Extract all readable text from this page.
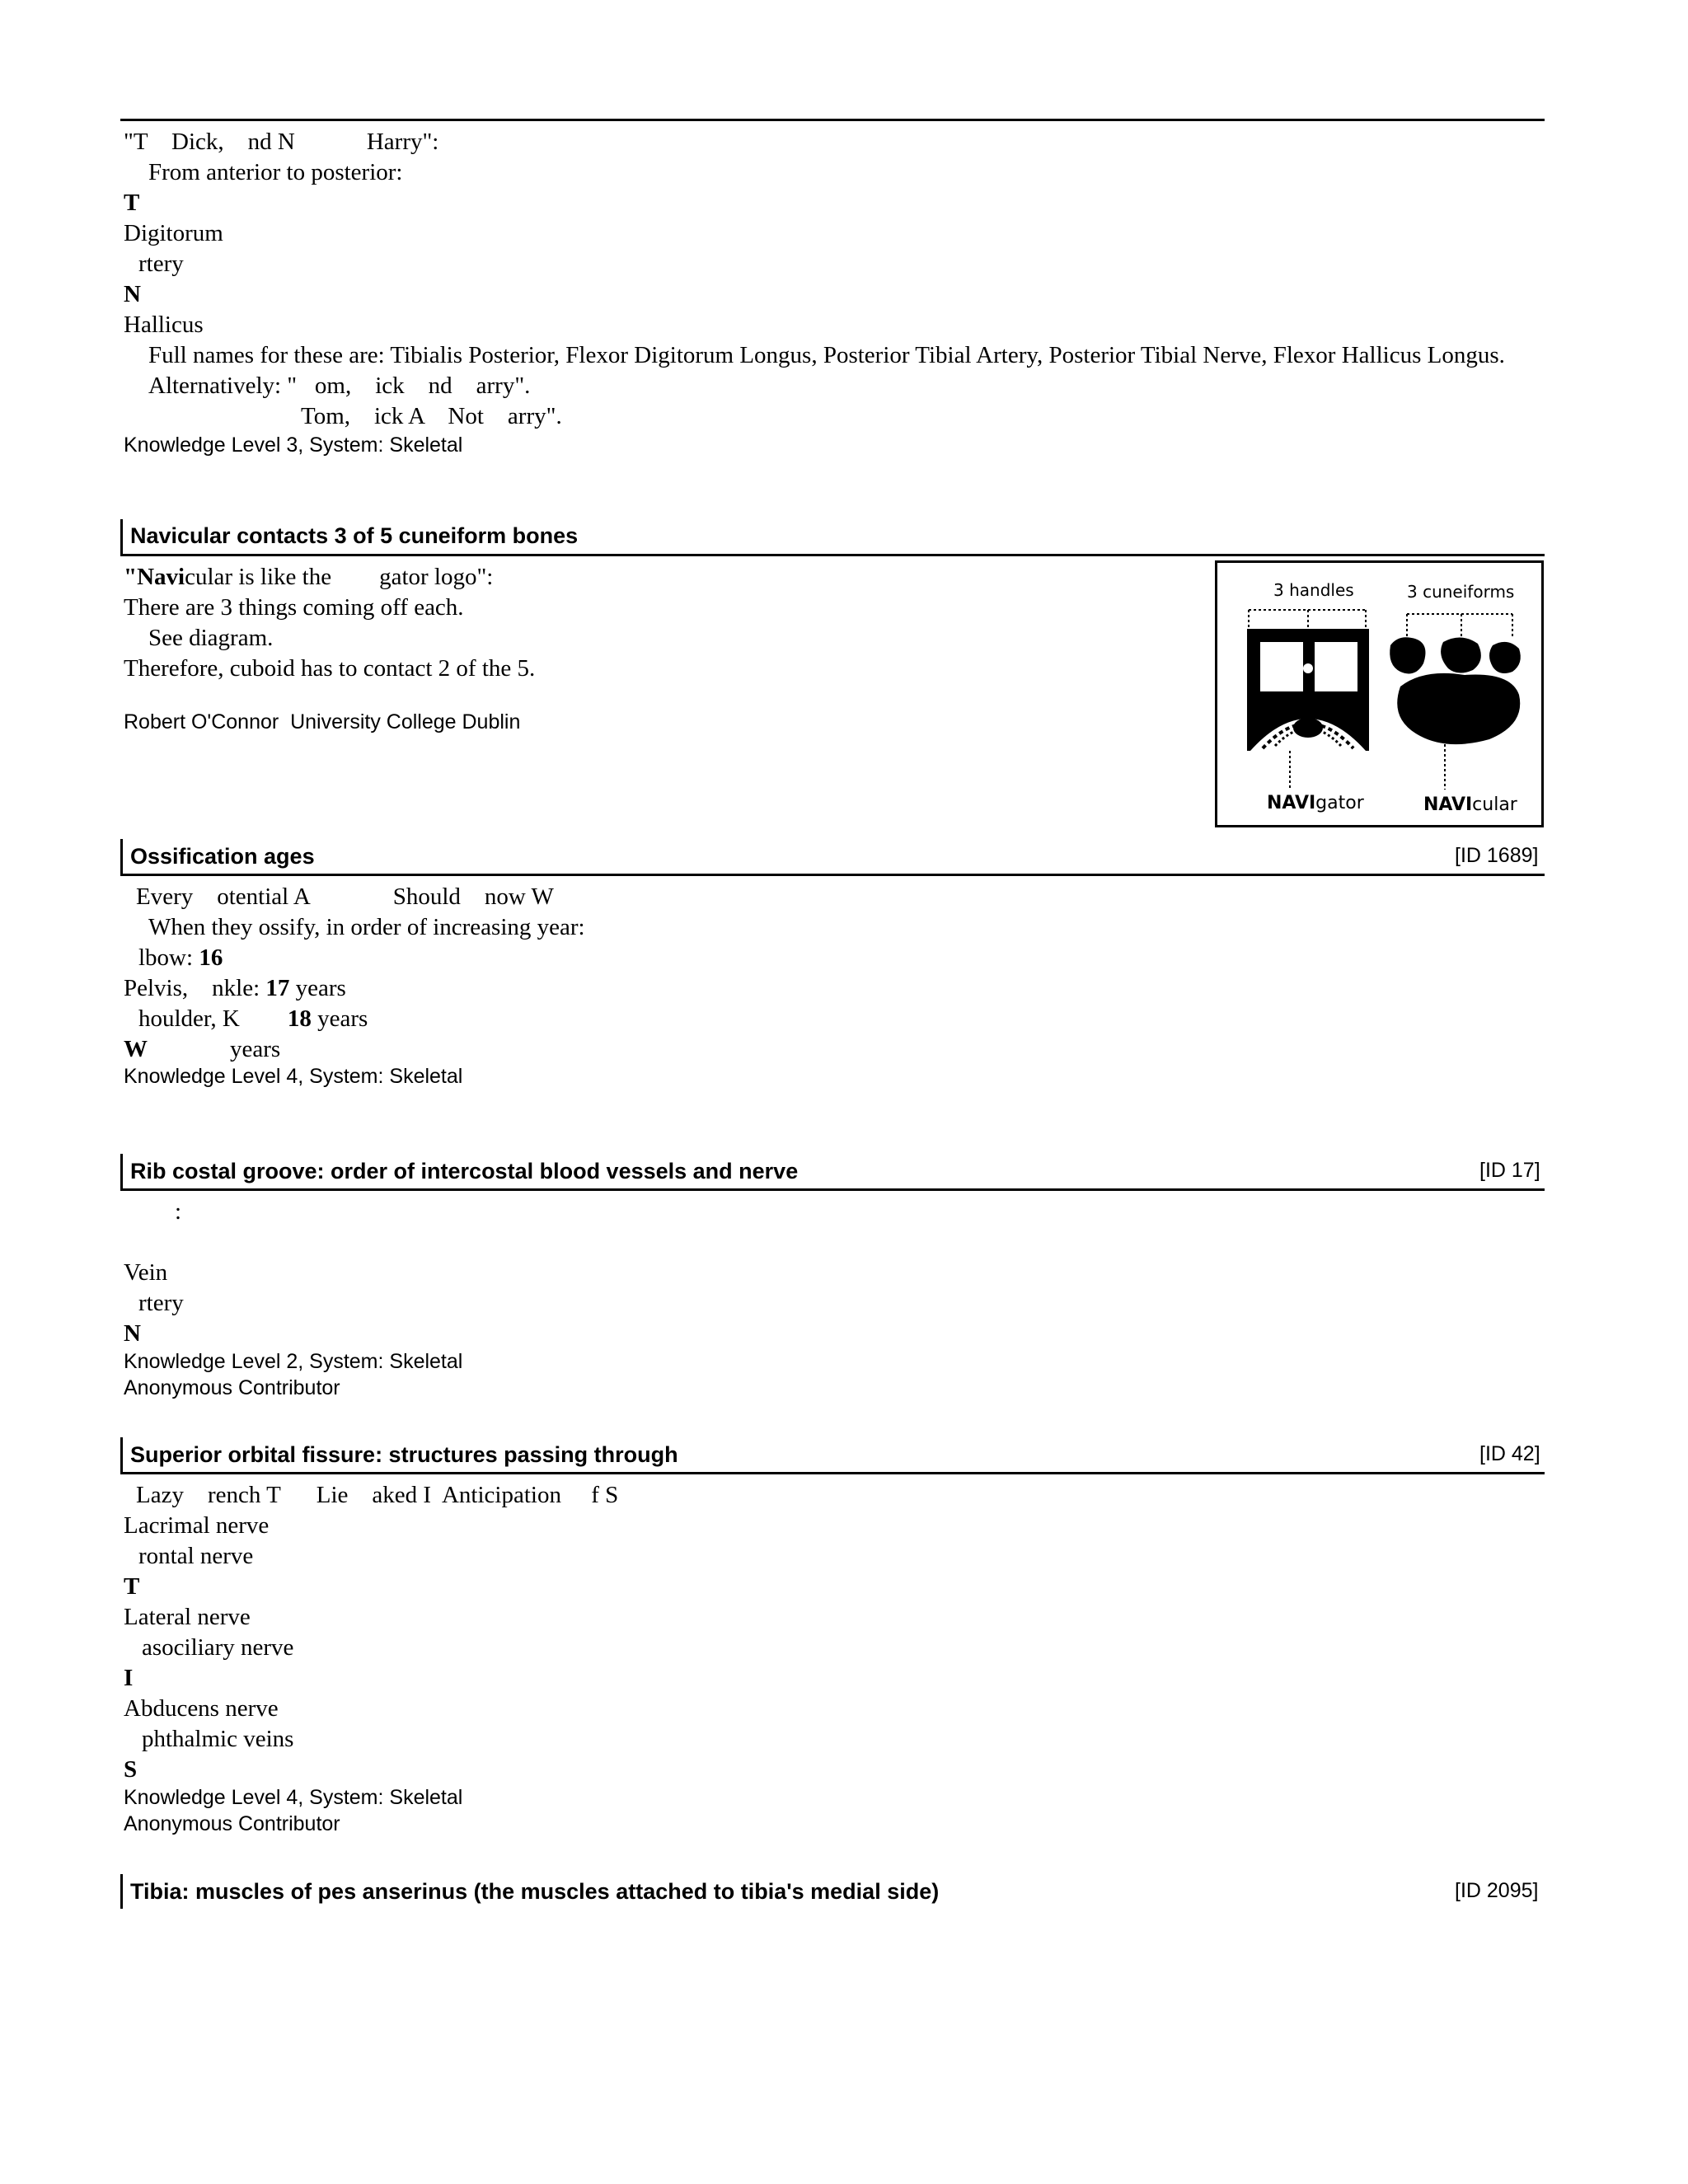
"T    Dick,    nd N            Harry":
From anterior to posterior:
T
Digitorum
rtery
N
Hallicus
Full names for these are: Tibialis Posterior, Flexor Digitorum Longus, Posterior Tibial Artery, Posterior Tibial Nerve, Flexor Hallicus Longus.
Alternatively: "   om,    ick    nd    arry".
Tom,    ick A    Not    arry".
Knowledge Level 3, System: Skeletal
Navicular contacts 3 of 5 cuneiform bones
"Navicular is like the        gator logo":
There are 3 things coming off each.
See diagram.
Therefore, cuboid has to contact 2 of the 5.
Robert O'Connor  University College Dublin
3 handles	3 cuneiforms
NAVIgator	NAVIcular
Ossification ages	[ID 1689]
Every    otential A              Should    now W
When they ossify, in order of increasing year:
lbow: 16
Pelvis,    nkle: 17 years
houlder, K        18 years
W	years
Knowledge Level 4, System: Skeletal
Rib costal groove: order of intercostal blood vessels and nerve	[ID 17]
:
Vein
rtery
N
Knowledge Level 2, System: Skeletal
Anonymous Contributor
Superior orbital fissure: structures passing through	[ID 42]
Lazy    rench T      Lie    aked I  Anticipation     f S
Lacrimal nerve
rontal nerve
T
Lateral nerve
asociliary nerve
I
Abducens nerve
phthalmic veins
S
Knowledge Level 4, System: Skeletal
Anonymous Contributor
Tibia: muscles of pes anserinus (the muscles attached to tibia's medial side)	[ID 2095]
